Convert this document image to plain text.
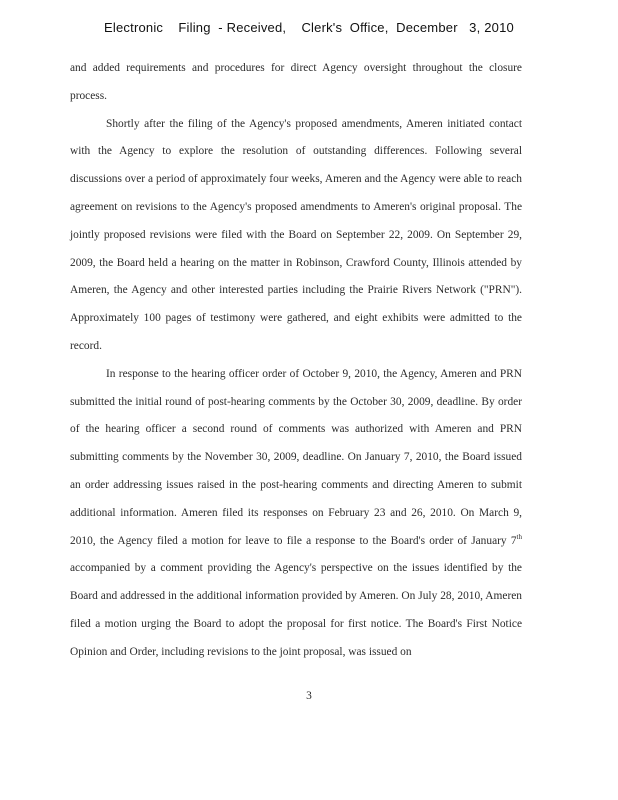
Electronic    Filing  - Received,    Clerk's  Office,  December   3, 2010

and added requirements and procedures for direct Agency oversight throughout the closure process.

Shortly after the filing of the Agency's proposed amendments, Ameren initiated contact with the Agency to explore the resolution of outstanding differences. Following several discussions over a period of approximately four weeks, Ameren and the Agency were able to reach agreement on revisions to the Agency's proposed amendments to Ameren's original proposal. The jointly proposed revisions were filed with the Board on September 22, 2009. On September 29, 2009, the Board held a hearing on the matter in Robinson, Crawford County, Illinois attended by Ameren, the Agency and other interested parties including the Prairie Rivers Network ("PRN"). Approximately 100 pages of testimony were gathered, and eight exhibits were admitted to the record.

In response to the hearing officer order of October 9, 2010, the Agency, Ameren and PRN submitted the initial round of post-hearing comments by the October 30, 2009, deadline. By order of the hearing officer a second round of comments was authorized with Ameren and PRN submitting comments by the November 30, 2009, deadline. On January 7, 2010, the Board issued an order addressing issues raised in the post-hearing comments and directing Ameren to submit additional information. Ameren filed its responses on February 23 and 26, 2010. On March 9, 2010, the Agency filed a motion for leave to file a response to the Board's order of January 7th accompanied by a comment providing the Agency's perspective on the issues identified by the Board and addressed in the additional information provided by Ameren. On July 28, 2010, Ameren filed a motion urging the Board to adopt the proposal for first notice. The Board's First Notice Opinion and Order, including revisions to the joint proposal, was issued on

3
